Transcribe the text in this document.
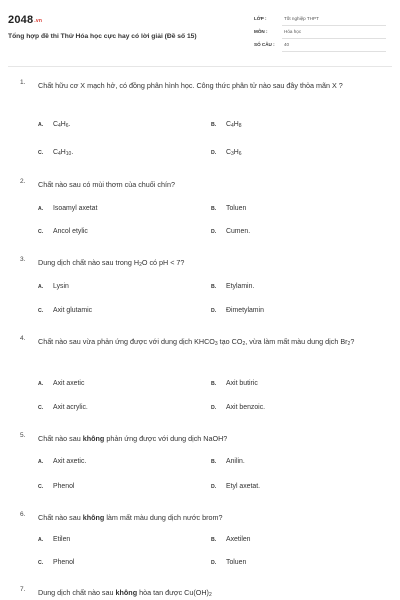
2048.vn
Tổng hợp đề thi Thử Hóa học cực hay có lời giải (Đề số 15)
LỚP :	Tốt nghiệp THPT
MÔN :	Hóa học
SỐ CÂU : 40
1. Chất hữu cơ X mạch hở, có đồng phân hình học. Công thức phân tử nào sau đây thỏa mãn X ?
A. $C_4H_6$.	B. $C_4H_8$
C. $C_4H_{10}$.	D. $C_3H_6$
2. Chất nào sau có mùi thơm của chuối chín?
A. Isoamyl axetat	B. Toluen
C. Ancol etylic	D. Cumen.
3. Dung dịch chất nào sau trong $H_2O$ có pH < 7?
A. Lysin	B. Etylamin.
C. Axit glutamic	D. Đimetylamin
4. Chất nào sau vừa phản ứng được với dung dịch $KHCO_3$ tạo $CO_2$, vừa làm mất màu dung dịch $Br_2$?
A. Axit axetic	B. Axit butiric
C. Axit acrylic.	D. Axit benzoic.
5. Chất nào sau không phản ứng được với dung dịch NaOH?
A. Axit axetic.	B. Anilin.
C. Phenol	D. Etyl axetat.
6. Chất nào sau không làm mất màu dung dịch nước brom?
A. Etilen	B. Axetilen
C. Phenol	D. Toluen
7. Dung dịch chất nào sau không hòa tan được $Cu(OH)_2$
